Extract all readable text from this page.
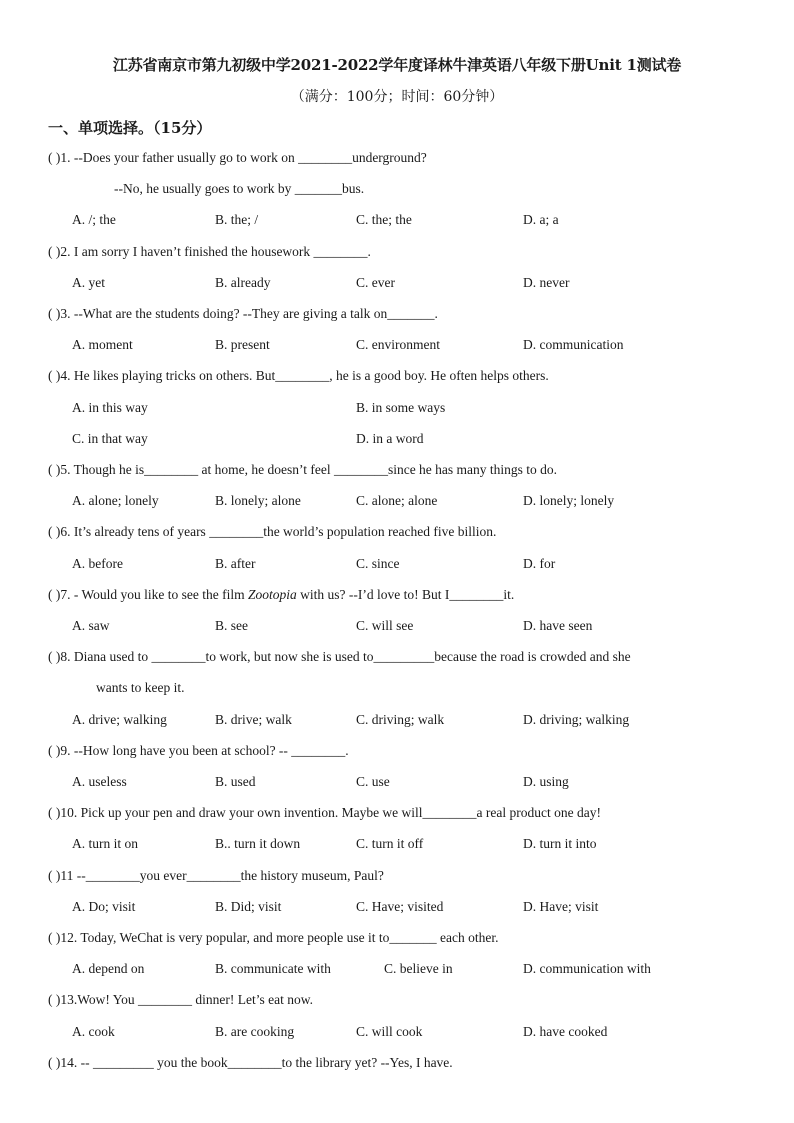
江苏省南京市第九初级中学2021-2022学年度译林牛津英语八年级下册Unit 1测试卷
（满分：100分；时间：60分钟）
一、单项选择。（15分）
( )1. --Does your father usually go to work on ________underground?
--No, he usually goes to work by _______bus.
A. /; the	B. the; /	C. the; the	D. a; a
( )2. I am sorry I haven’t finished the housework ________.
A. yet	B. already	C. ever	D. never
( )3. --What are the students doing? --They are giving a talk on_______.
A. moment	B. present	C. environment	D. communication
( )4. He likes playing tricks on others. But________, he is a good boy. He often helps others.
A. in this way	B. in some ways
C. in that way	D. in a word
( )5. Though he is________ at home, he doesn’t feel ________since he has many things to do.
A. alone; lonely	B. lonely; alone	C. alone; alone	D. lonely; lonely
( )6. It’s already tens of years ________the world’s population reached five billion.
A. before	B. after	C. since	D. for
( )7. - Would you like to see the film Zootopia with us? --I’d love to! But I________it.
A. saw	B. see	C. will see	D. have seen
( )8. Diana used to ________to work, but now she is used to_________because the road is crowded and she
wants to keep it.
A. drive; walking	B. drive; walk	C. driving; walk	D. driving; walking
( )9. --How long have you been at school? -- ________.
A. useless	B. used	C. use	D. using
( )10. Pick up your pen and draw your own invention. Maybe we will________a real product one day!
A. turn it on	B.. turn it down	C. turn it off	D. turn it into
( )11 --________you ever________the history museum, Paul?
A. Do; visit	B. Did; visit	C. Have; visited	D. Have; visit
( )12. Today, WeChat is very popular, and more people use it to_______ each other.
A. depend on	B. communicate with	C. believe in	D. communication with
( )13.Wow! You ________ dinner! Let’s eat now.
A. cook	B. are cooking	C. will cook	D. have cooked
( )14. -- _________ you the book________to the library yet? --Yes, I have.
